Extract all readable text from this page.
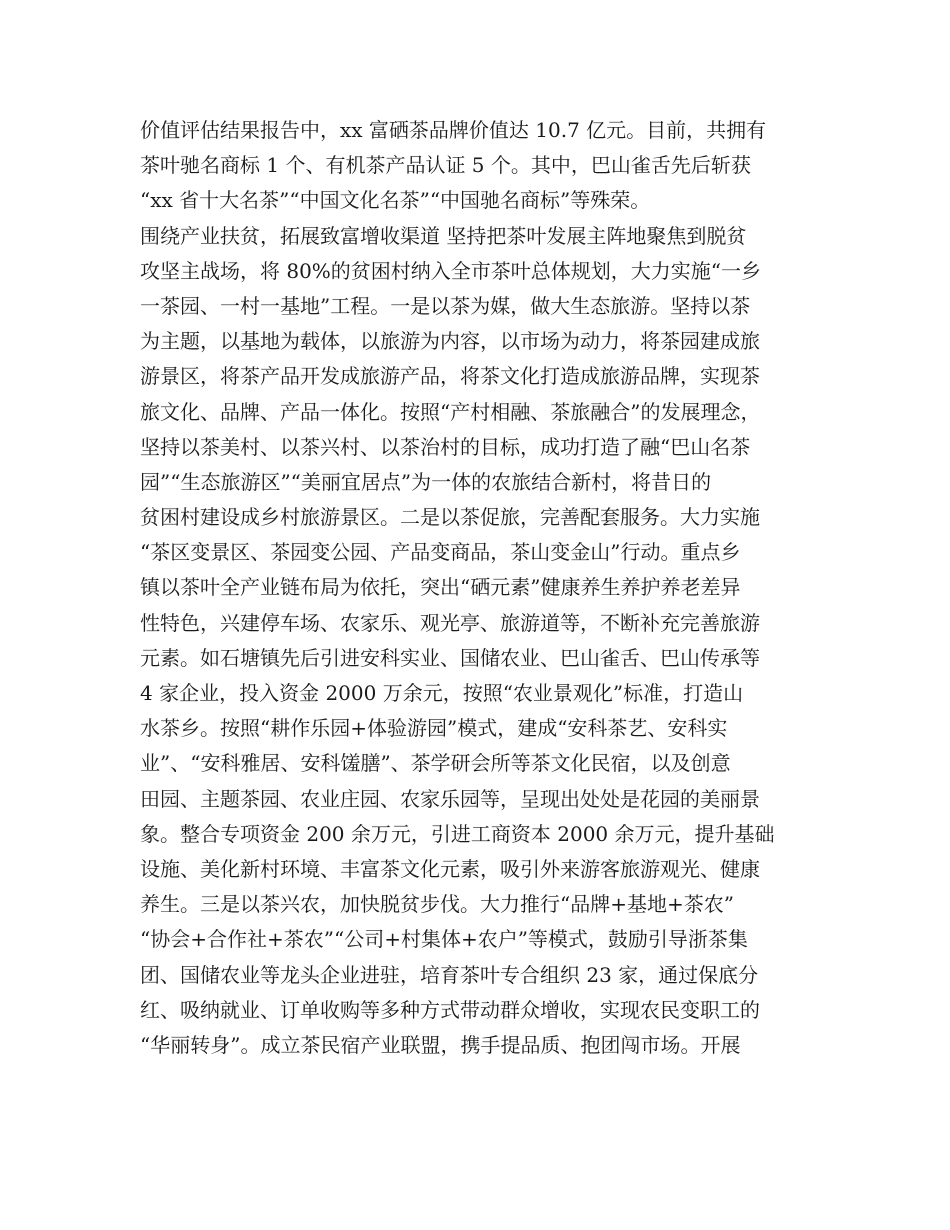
价值评估结果报告中，xx 富硒茶品牌价值达 10.7 亿元。目前，共拥有
茶叶驰名商标 1 个、有机茶产品认证 5 个。其中，巴山雀舌先后斩获
“xx 省十大名茶”“中国文化名茶”“中国驰名商标”等殊荣。
围绕产业扶贫，拓展致富增收渠道 坚持把茶叶发展主阵地聚焦到脱贫
攻坚主战场，将 80%的贫困村纳入全市茶叶总体规划，大力实施“一乡
一茶园、一村一基地”工程。一是以茶为媒，做大生态旅游。坚持以茶
为主题，以基地为载体，以旅游为内容，以市场为动力，将茶园建成旅
游景区，将茶产品开发成旅游产品，将茶文化打造成旅游品牌，实现茶
旅文化、品牌、产品一体化。按照“产村相融、茶旅融合”的发展理念，
坚持以茶美村、以茶兴村、以茶治村的目标，成功打造了融“巴山名茶
园”“生态旅游区”“美丽宜居点”为一体的农旅结合新村，将昔日的
贫困村建设成乡村旅游景区。二是以茶促旅，完善配套服务。大力实施
“茶区变景区、茶园变公园、产品变商品，茶山变金山”行动。重点乡
镇以茶叶全产业链布局为依托，突出“硒元素”健康养生养护养老差异
性特色，兴建停车场、农家乐、观光亭、旅游道等，不断补充完善旅游
元素。如石塘镇先后引进安科实业、国储农业、巴山雀舌、巴山传承等
4 家企业，投入资金 2000 万余元，按照“农业景观化”标准，打造山
水茶乡。按照“耕作乐园+体验游园”模式，建成“安科茶艺、安科实
业”、“安科雅居、安科馐膳”、茶学研会所等茶文化民宿，以及创意
田园、主题茶园、农业庄园、农家乐园等，呈现出处处是花园的美丽景
象。整合专项资金 200 余万元，引进工商资本 2000 余万元，提升基础
设施、美化新村环境、丰富茶文化元素，吸引外来游客旅游观光、健康
养生。三是以茶兴农，加快脱贫步伐。大力推行“品牌+基地+茶农”
“协会+合作社+茶农”“公司+村集体+农户”等模式，鼓励引导浙茶集
团、国储农业等龙头企业进驻，培育茶叶专合组织 23 家，通过保底分
红、吸纳就业、订单收购等多种方式带动群众增收，实现农民变职工的
“华丽转身”。成立茶民宿产业联盟，携手提品质、抱团闯市场。开展
